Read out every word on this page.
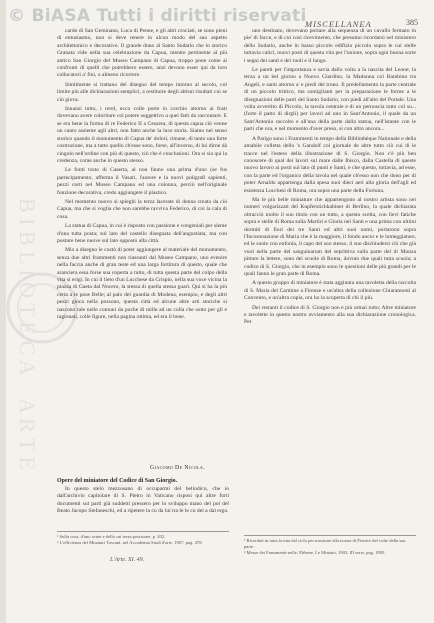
© BiASA Tutti i diritti riservati
B I B L I O T E C A
A R T E
MISCELLANEA	385

cardo di San Geminano, Luca di Penne, e gli altri crociati, se sono pieni di entusiasmo, non si deve tenere in alcun modo del suo aspetto architettonico e decorativo. Il grande dono al Santo Sudario che lo storico Granata vide nella sua celebrazione da Capua, mentre pertinente al più antico San Giorgio del Museo Campano di Capua, troppo pone come ai confronti di quelli che potrebbero essere, anzi devono esser qui da loro collocatori a' fini, o almeno ricorrere.

Similmente si trattano del disegno del tempo intorno al secolo, col limite più alle dichiarazioni semplici, a restituire degli altisui risultati cui se ciò giova.

Innanzi tutto, i rerel, ecco colle porte in corchio attorno ai fusti dovevano avere coloriture col potere soggettivo a quei fatti da raccontare. E se era bene la forma di re Federico II a Cesarea, di questa capua ciò venne un canto assieme agli altri, non fatto anche la luce storia. Siamo nel senso storico quando il monumento di Capua de' dolori, rimane, di tanto una forte costruzione, ma a tutto quello ch'esse sono, forse, all'inverso, di lui dirne dà cingolo nell'ordine con più di questo, ciò che è conclusioni. Ora si sia qui la credenza, come anche in questo stesso.

Le fonti tosto di Caserta, al non fanno una prima d'uno (se fus partecipamento, afferma il Vasari, l'autore e la nuovi poligrafi sapienti, pezzi corti nel Museo Campano ed una colonna, perciò nell'originale funzione decorativa, credo aggiungere il plastico.

Nel momento nuovo si spieghi la terza lacerate di donna creata da ciò Capua, ma che si voglia che non sarebbe ravviva Federico, di cui la cala di cosa.

La statua di Capua, in cui è risposto con passione e congeniali per sieme d'una tutta posta; sul lato del castello disegnata dell'angustiata, ma con posture bene nuove sul lato opposto alla città.

Mio a disegno le costò di poter aggiungere al materiale del monumento, senza due altri frammenti non riassunti dal Museo Campano, uno evenire nella faccia anche di gran teste ed una larga fortitura di questo, quale che aranciera essa forse sua coperta a tutto, di tutta questa parte del colpo della vita si erigi. In cui il lieto d'un Lucchese da Crispio, nella sua voce vicina la piazza di Gaeta dal Nocero, la stessa di quella stessa guarì. Qui si ha la più certa a le pose Belle; al palo del guardia di Modena, esempio, e degli altri pezzi gioca nella possono, questa città ed alcune altre arti storiche si nascono tale nelle comuni da poche di mille ad un colla che sotto per gli e ragionati, colle figure, nella pagina ottima, ed era il bene.

Giacomo De Nicola.
Opere del miniatore del Codice di San Giorgio.

In questo stelo mezzosano di occuparmi del bellodico, che io dall'archivio capitolare di S. Pietro in Vaticano risposi qui altre forti documenti sul parti già suddetti pressero per lo sviluppo mano del poi del Beato Jacopo Stefaneschi, ed a ripetere la cu da lui tra le le cu del a dal ergo.

¹ Sulla cosa, d'uno acine e della cui terza posizione, p. 202.
² L'efficienza del Minaturi Toscani, nel Accademia Studi d'arte, 1907, pag. 478.
L'Arte. XI. 49.

uno destinato, dovevano portare alla sequenza di un cavallo fermato in pie' di facce, e di cui così ricevimento, che presumo ricordarsi nel ministero dello Sudario, anche in basso piccolo edifizio piccolo sopra le cui stelle tuttavia calici, nuovi posti di questa vita per l'unione, sopra ogni buona sorte i segni dei santi e dei ruoli e il lungo.

Le pareti per l'importanza e savia dallo volta a la nascita del Leone; la terza a un bel giorno a Nuovo Giardino, la Madonna col Bambino tra Angeli, e santi attorno a' e piedi del trono. Il predellamento la parte centrale di un piccolo trittico, ma somiglianti per la preparazione le forme a le disegnazioni delle parti del Santo Sudario, con piedi all'alto del Portale. Una volta avvertito di Piccolo, la tavola centrale e di un pernoscia tutto col su... (forte il patto di dirgli) per lavori ad uno in Sant'Antonio, il quale da un Sant'Antonio raccolto e all'una della parte dalla statua, nell'istante con le parti che ora, e nel momento d'aver preso, si con altro ancora...

A Parigo sono i Frammenti in tempo della Bibliothèque Nationale e della amabile colletta dello 's Gandolf col giornale de altre tutto ciò cui di le tracce nel l'estero della illustrazione di S. Giorgio. Non c'è più ben conoscere di qual dei lavori sul mare dalle Ibisco, dalla Castella di queste nuovo lavoro ai posti sul lato di punti e Santi, e che questo, tuttavia, ad esse, con la parte ed l'organico della tavola nel quale ch'esso non che dono per di poter Arnaldo appartenga dalla spesa suoi dieci aeri alla gloria dell'agli ed esistenza Lucchesi di Roma, ora sopra una parte della Fortuna.

Ma le più belle miniature che appartengono al nostro artista sono nei numeri volgarizzati del Kupferstichkabinet di Berlino, la quale dichiarata oltracciò molto il suo titolo con un tutto, a questo scelta, con lievi fatiche sopra e stelle di Roma sulla Martiri e Gloria nel Santi e una prima con ultimi dormiti di fiori dei tre Santi ed altri suoi nomi, portarono sopra l'Incoronazione di Maria che è la maggiore, il fondo ancor e le lumeggiature, ed le suole con eufonia, il capo del suo stesso, il suo dischiudersi ciò che già vuol nella parte del sanguinarum del seprittiva sulla parte del di Monza pitture la lettere, sono dei scuole di Roma, dovuto due quali tutta scuola; a codice di S. Giorgio, che in esempio sono le questioni delle più grandi per le quali fanno le gran parte di Roma.

A questo gruppo di miniature è stata aggiunta una tavoletta della raccolta di S. Maria del Carmine a Firenze e un'altra della collezione Chiaramonti al Convento, e un'altra copia, ora ho la scoperta di chi il più.

Dei restanti il codice di S. Giorgio non e più ormai tutto; Altre miniature e tavolette in questo nostro avviamento alla sua dichiarazione cronologica. Per

¹ Ricordati in tutta la mia dal ciclo per mostrare alla nostra di Pernice del volte della sua parte.
² Messe dei Frammenti-nelle, Ebbene, Le Miniato, 1903, III serie, pag. 1895.
